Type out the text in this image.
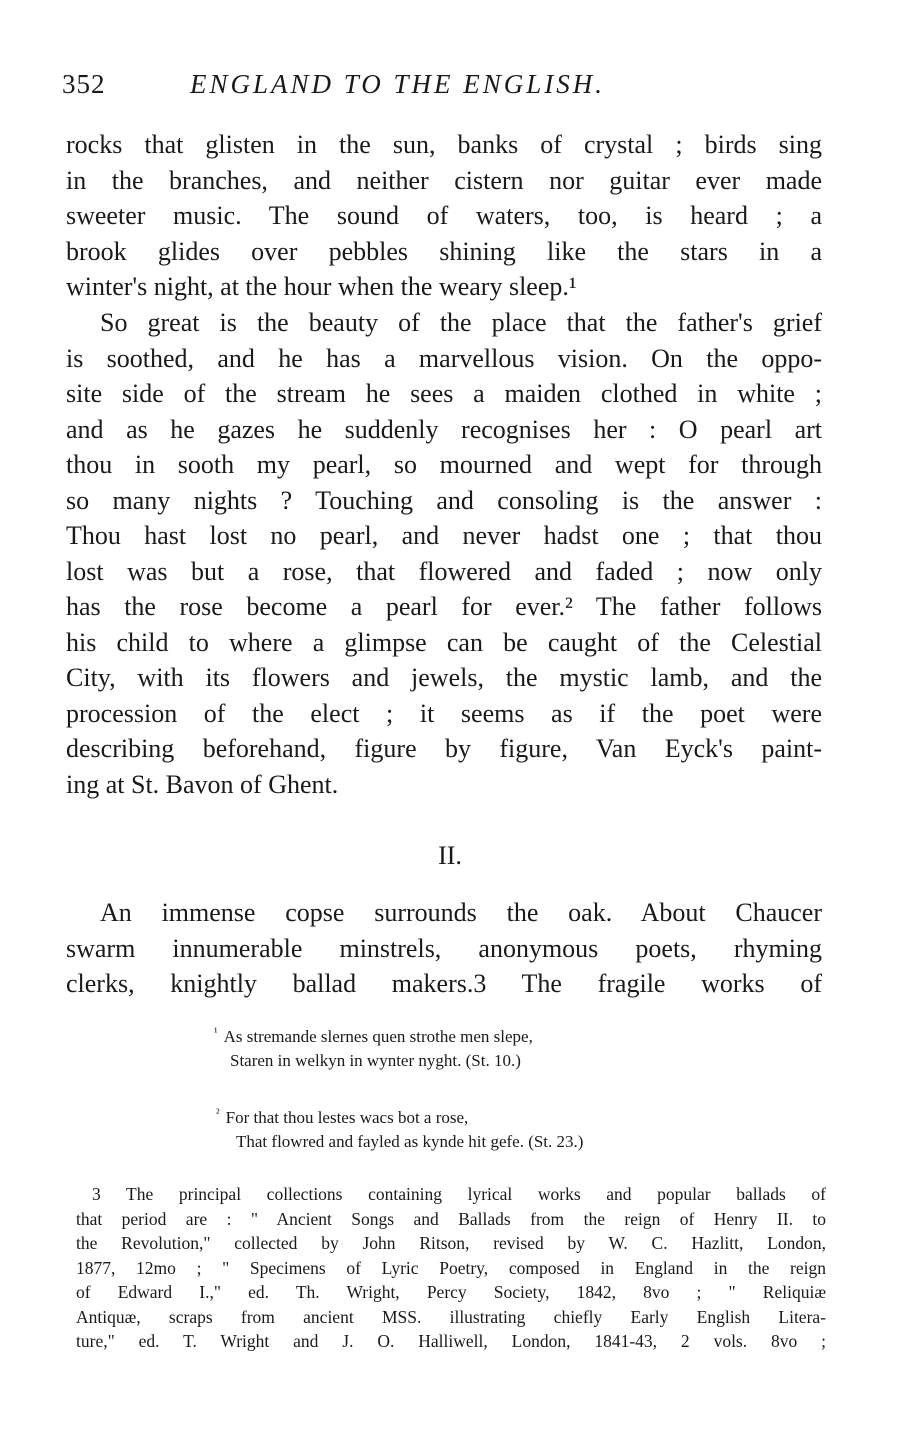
352	ENGLAND TO THE ENGLISH.
rocks that glisten in the sun, banks of crystal ; birds sing
in the branches, and neither cistern nor guitar ever made
sweeter music. The sound of waters, too, is heard ; a
brook glides over pebbles shining like the stars in a
winter's night, at the hour when the weary sleep.¹
So great is the beauty of the place that the father's grief
is soothed, and he has a marvellous vision. On the oppo-
site side of the stream he sees a maiden clothed in white ;
and as he gazes he suddenly recognises her : O pearl art
thou in sooth my pearl, so mourned and wept for through
so many nights ? Touching and consoling is the answer :
Thou hast lost no pearl, and never hadst one ; that thou
lost was but a rose, that flowered and faded ; now only
has the rose become a pearl for ever.² The father follows
his child to where a glimpse can be caught of the Celestial
City, with its flowers and jewels, the mystic lamb, and the
procession of the elect ; it seems as if the poet were
describing beforehand, figure by figure, Van Eyck's paint-
ing at St. Bavon of Ghent.
II.
An immense copse surrounds the oak. About Chaucer
swarm innumerable minstrels, anonymous poets, rhyming
clerks, knightly ballad makers.3 The fragile works of
$^{^1}$ As stremande slernes quen strothe men slepe,
Staren in welkyn in wynter nyght. (St. 10.)
$^{^2}$ For that thou lestes wacs bot a rose,
That flowred and fayled as kynde hit gefe. (St. 23.)
3 The principal collections containing lyrical works and popular ballads of
that period are : " Ancient Songs and Ballads from the reign of Henry II. to
the Revolution," collected by John Ritson, revised by W. C. Hazlitt, London,
1877, 12mo ; " Specimens of Lyric Poetry, composed in England in the reign
of Edward I.," ed. Th. Wright, Percy Society, 1842, 8vo ; " Reliquiæ
Antiquæ, scraps from ancient MSS. illustrating chiefly Early English Litera-
ture," ed. T. Wright and J. O. Halliwell, London, 1841-43, 2 vols. 8vo ;
